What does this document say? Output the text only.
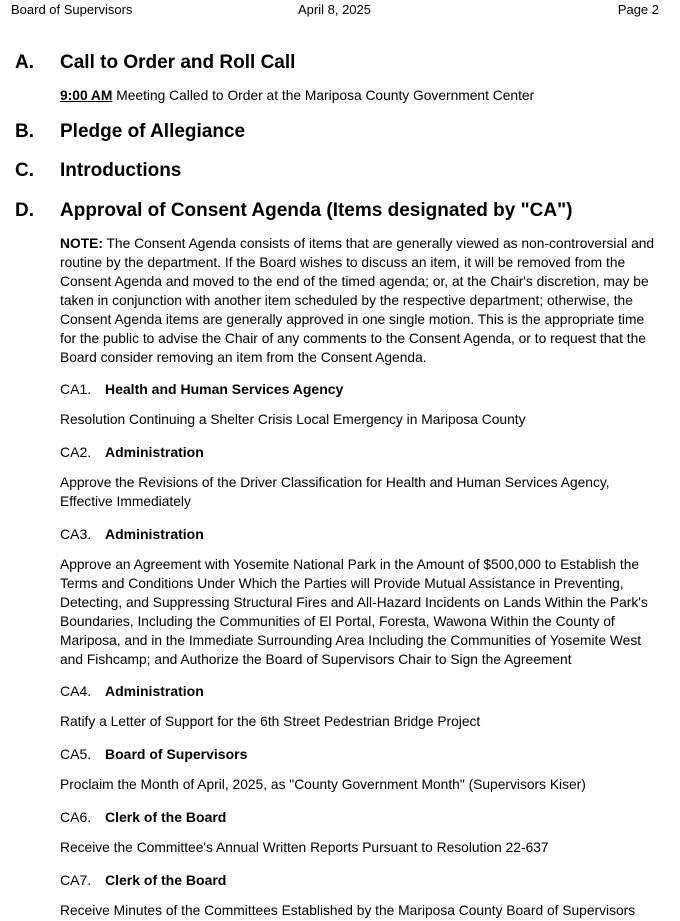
Board of Supervisors	April 8, 2025	Page 2
A. Call to Order and Roll Call
9:00 AM Meeting Called to Order at the Mariposa County Government Center
B. Pledge of Allegiance
C. Introductions
D. Approval of Consent Agenda (Items designated by "CA")
NOTE: The Consent Agenda consists of items that are generally viewed as non-controversial and routine by the department. If the Board wishes to discuss an item, it will be removed from the Consent Agenda and moved to the end of the timed agenda; or, at the Chair's discretion, may be taken in conjunction with another item scheduled by the respective department; otherwise, the Consent Agenda items are generally approved in one single motion. This is the appropriate time for the public to advise the Chair of any comments to the Consent Agenda, or to request that the Board consider removing an item from the Consent Agenda.
CA1. Health and Human Services Agency
Resolution Continuing a Shelter Crisis Local Emergency in Mariposa County
CA2. Administration
Approve the Revisions of the Driver Classification for Health and Human Services Agency, Effective Immediately
CA3. Administration
Approve an Agreement with Yosemite National Park in the Amount of $500,000 to Establish the Terms and Conditions Under Which the Parties will Provide Mutual Assistance in Preventing, Detecting, and Suppressing Structural Fires and All-Hazard Incidents on Lands Within the Park's Boundaries, Including the Communities of El Portal, Foresta, Wawona Within the County of Mariposa, and in the Immediate Surrounding Area Including the Communities of Yosemite West and Fishcamp; and Authorize the Board of Supervisors Chair to Sign the Agreement
CA4. Administration
Ratify a Letter of Support for the 6th Street Pedestrian Bridge Project
CA5. Board of Supervisors
Proclaim the Month of April, 2025, as "County Government Month" (Supervisors Kiser)
CA6. Clerk of the Board
Receive the Committee's Annual Written Reports Pursuant to Resolution 22-637
CA7. Clerk of the Board
Receive Minutes of the Committees Established by the Mariposa County Board of Supervisors
